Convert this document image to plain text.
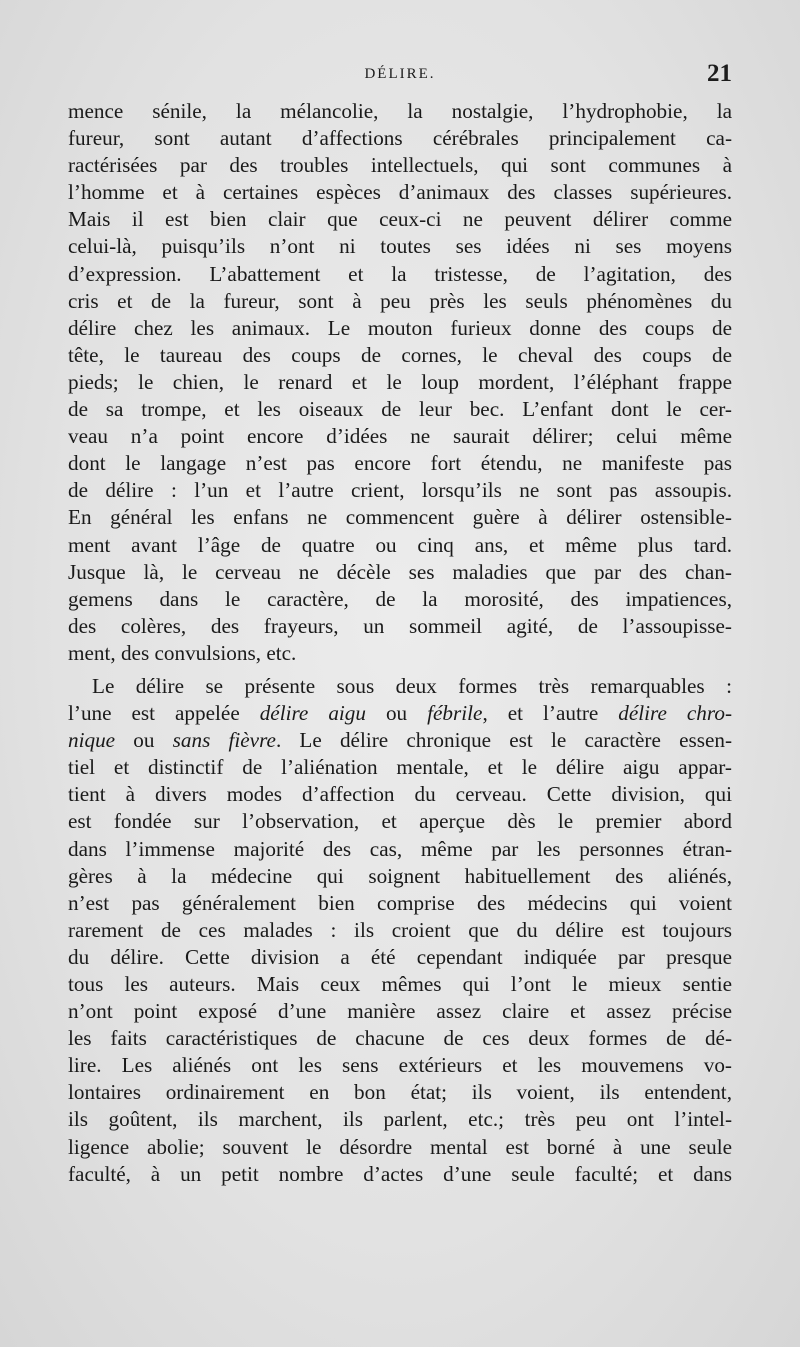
DÉLIRE.	21
mence sénile, la mélancolie, la nostalgie, l’hydrophobie, la
fureur, sont autant d’affections cérébrales principalement ca-
ractérisées par des troubles intellectuels, qui sont communes à
l’homme et à certaines espèces d’animaux des classes supérieures.
Mais il est bien clair que ceux-ci ne peuvent délirer comme
celui-là, puisqu’ils n’ont ni toutes ses idées ni ses moyens
d’expression. L’abattement et la tristesse, de l’agitation, des
cris et de la fureur, sont à peu près les seuls phénomènes du
délire chez les animaux. Le mouton furieux donne des coups de
tête, le taureau des coups de cornes, le cheval des coups de
pieds; le chien, le renard et le loup mordent, l’éléphant frappe
de sa trompe, et les oiseaux de leur bec. L’enfant dont le cer-
veau n’a point encore d’idées ne saurait délirer; celui même
dont le langage n’est pas encore fort étendu, ne manifeste pas
de délire : l’un et l’autre crient, lorsqu’ils ne sont pas assoupis.
En général les enfans ne commencent guère à délirer ostensible-
ment avant l’âge de quatre ou cinq ans, et même plus tard.
Jusque là, le cerveau ne décèle ses maladies que par des chan-
gemens dans le caractère, de la morosité, des impatiences,
des colères, des frayeurs, un sommeil agité, de l’assoupisse-
ment, des convulsions, etc.
Le délire se présente sous deux formes très remarquables :
l’une est appelée délire aigu ou fébrile, et l’autre délire chro-
nique ou sans fièvre. Le délire chronique est le caractère essen-
tiel et distinctif de l’aliénation mentale, et le délire aigu appar-
tient à divers modes d’affection du cerveau. Cette division, qui
est fondée sur l’observation, et aperçue dès le premier abord
dans l’immense majorité des cas, même par les personnes étran-
gères à la médecine qui soignent habituellement des aliénés,
n’est pas généralement bien comprise des médecins qui voient
rarement de ces malades : ils croient que du délire est toujours
du délire. Cette division a été cependant indiquée par presque
tous les auteurs. Mais ceux mêmes qui l’ont le mieux sentie
n’ont point exposé d’une manière assez claire et assez précise
les faits caractéristiques de chacune de ces deux formes de dé-
lire. Les aliénés ont les sens extérieurs et les mouvemens vo-
lontaires ordinairement en bon état; ils voient, ils entendent,
ils goûtent, ils marchent, ils parlent, etc.; très peu ont l’intel-
ligence abolie; souvent le désordre mental est borné à une seule
faculté, à un petit nombre d’actes d’une seule faculté; et dans
